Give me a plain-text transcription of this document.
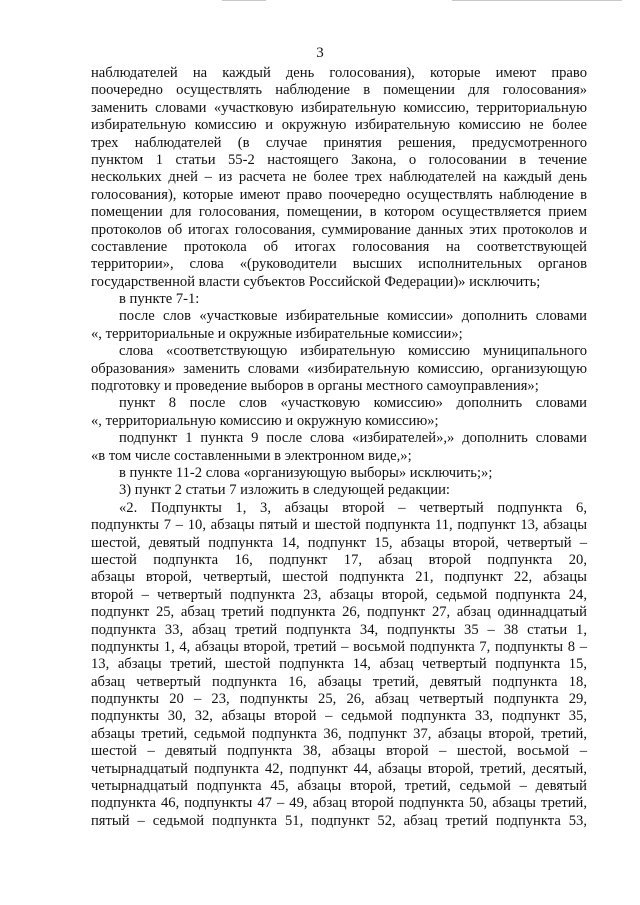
3
наблюдателей на каждый день голосования), которые имеют право
поочередно осуществлять наблюдение в помещении для голосования»
заменить словами «участковую избирательную комиссию, территориальную
избирательную комиссию и окружную избирательную комиссию не более
трех наблюдателей (в случае принятия решения, предусмотренного
пунктом 1 статьи 55-2 настоящего Закона, о голосовании в течение
нескольких дней – из расчета не более трех наблюдателей на каждый день
голосования), которые имеют право поочередно осуществлять наблюдение в
помещении для голосования, помещении, в котором осуществляется прием
протоколов об итогах голосования, суммирование данных этих протоколов и
составление протокола об итогах голосования на соответствующей
территории», слова «(руководители высших исполнительных органов
государственной власти субъектов Российской Федерации)» исключить;
в пункте 7-1:
после слов «участковые избирательные комиссии» дополнить словами
«, территориальные и окружные избирательные комиссии»;
слова «соответствующую избирательную комиссию муниципального
образования» заменить словами «избирательную комиссию, организующую
подготовку и проведение выборов в органы местного самоуправления»;
пункт 8 после слов «участковую комиссию» дополнить словами
«, территориальную комиссию и окружную комиссию»;
подпункт 1 пункта 9 после слова «избирателей»,» дополнить словами
«в том числе составленными в электронном виде,»;
в пункте 11-2 слова «организующую выборы» исключить;»;
3) пункт 2 статьи 7 изложить в следующей редакции:
«2. Подпункты 1, 3, абзацы второй – четвертый подпункта 6,
подпункты 7 – 10, абзацы пятый и шестой подпункта 11, подпункт 13, абзацы
шестой, девятый подпункта 14, подпункт 15, абзацы второй, четвертый –
шестой подпункта 16, подпункт 17, абзац второй подпункта 20,
абзацы второй, четвертый, шестой подпункта 21, подпункт 22, абзацы
второй – четвертый подпункта 23, абзацы второй, седьмой подпункта 24,
подпункт 25, абзац третий подпункта 26, подпункт 27, абзац одиннадцатый
подпункта 33, абзац третий подпункта 34, подпункты 35 – 38 статьи 1,
подпункты 1, 4, абзацы второй, третий – восьмой подпункта 7, подпункты 8 –
13, абзацы третий, шестой подпункта 14, абзац четвертый подпункта 15,
абзац четвертый подпункта 16, абзацы третий, девятый подпункта 18,
подпункты 20 – 23, подпункты 25, 26, абзац четвертый подпункта 29,
подпункты 30, 32, абзацы второй – седьмой подпункта 33, подпункт 35,
абзацы третий, седьмой подпункта 36, подпункт 37, абзацы второй, третий,
шестой – девятый подпункта 38, абзацы второй – шестой, восьмой –
четырнадцатый подпункта 42, подпункт 44, абзацы второй, третий, десятый,
четырнадцатый подпункта 45, абзацы второй, третий, седьмой – девятый
подпункта 46, подпункты 47 – 49, абзац второй подпункта 50, абзацы третий,
пятый – седьмой подпункта 51, подпункт 52, абзац третий подпункта 53,
